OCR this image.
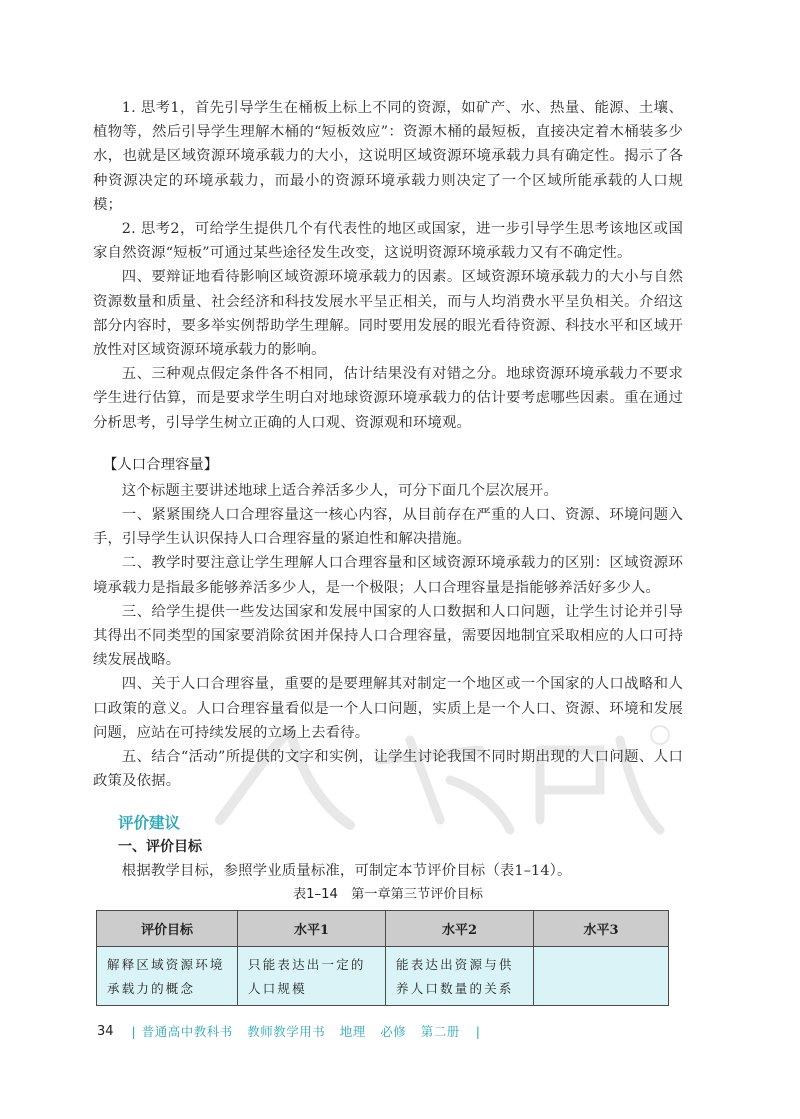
1. 思考1，首先引导学生在桶板上标上不同的资源，如矿产、水、热量、能源、土壤、植物等，然后引导学生理解木桶的“短板效应”：资源木桶的最短板，直接决定着木桶装多少水，也就是区域资源环境承载力的大小，这说明区域资源环境承载力具有确定性。揭示了各种资源决定的环境承载力，而最小的资源环境承载力则决定了一个区域所能承载的人口规模；

2. 思考2，可给学生提供几个有代表性的地区或国家，进一步引导学生思考该地区或国家自然资源“短板”可通过某些途径发生改变，这说明资源环境承载力又有不确定性。

四、要辩证地看待影响区域资源环境承载力的因素。区域资源环境承载力的大小与自然资源数量和质量、社会经济和科技发展水平呈正相关，而与人均消费水平呈负相关。介绍这部分内容时，要多举实例帮助学生理解。同时要用发展的眼光看待资源、科技水平和区域开放性对区域资源环境承载力的影响。

五、三种观点假定条件各不相同，估计结果没有对错之分。地球资源环境承载力不要求学生进行估算，而是要求学生明白对地球资源环境承载力的估计要考虑哪些因素。重在通过分析思考，引导学生树立正确的人口观、资源观和环境观。

【人口合理容量】

这个标题主要讲述地球上适合养活多少人，可分下面几个层次展开。

一、紧紧围绕人口合理容量这一核心内容，从目前存在严重的人口、资源、环境问题入手，引导学生认识保持人口合理容量的紧迫性和解决措施。

二、教学时要注意让学生理解人口合理容量和区域资源环境承载力的区别：区域资源环境承载力是指最多能够养活多少人，是一个极限；人口合理容量是指能够养活好多少人。

三、给学生提供一些发达国家和发展中国家的人口数据和人口问题，让学生讨论并引导其得出不同类型的国家要消除贫困并保持人口合理容量，需要因地制宜采取相应的人口可持续发展战略。

四、关于人口合理容量，重要的是要理解其对制定一个地区或一个国家的人口战略和人口政策的意义。人口合理容量看似是一个人口问题，实质上是一个人口、资源、环境和发展问题，应站在可持续发展的立场上去看待。

五、结合“活动”所提供的文字和实例，让学生讨论我国不同时期出现的人口问题、人口政策及依据。

评价建议

一、评价目标

根据教学目标，参照学业质量标准，可制定本节评价目标（表1–14）。

表1–14　第一章第三节评价目标

评价目标	水平1	水平2	水平3
解释区域资源环境承载力的概念	只能表达出一定的人口规模	能表达出资源与供养人口数量的关系	
34 | 普通高中教科书 教师教学用书 地理 必修 第二册	|
